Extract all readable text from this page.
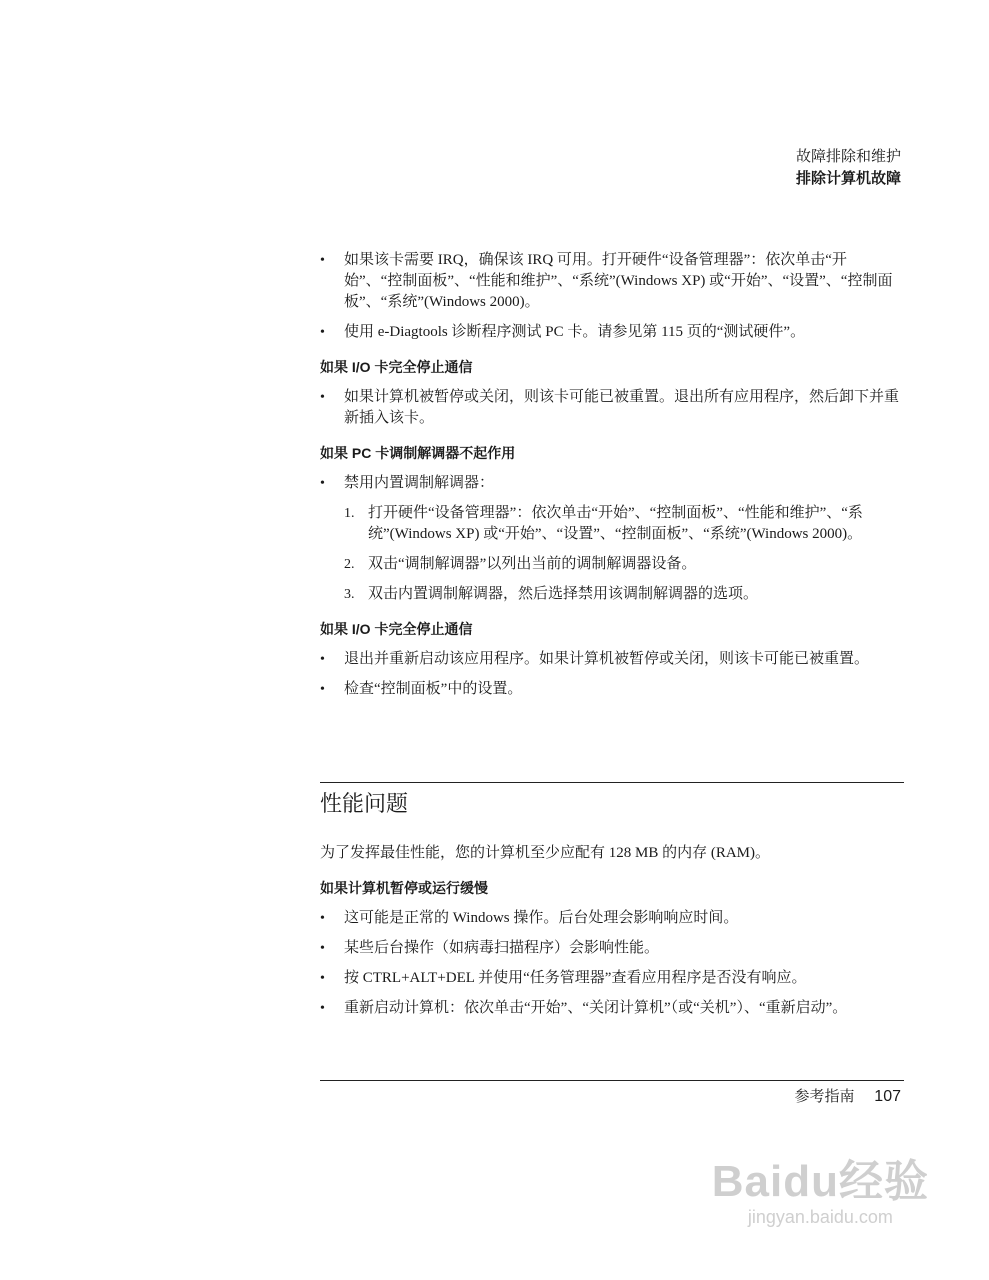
故障排除和维护
排除计算机故障
• 如果该卡需要 IRQ，确保该 IRQ 可用。打开硬件“设备管理器”：依次单击“开始”、“控制面板”、“性能和维护”、“系统”(Windows XP) 或“开始”、“设置”、“控制面板”、“系统”(Windows 2000)。
• 使用 e-Diagtools 诊断程序测试 PC 卡。请参见第 115 页的“测试硬件”。
如果 I/O 卡完全停止通信
• 如果计算机被暂停或关闭，则该卡可能已被重置。退出所有应用程序，然后卸下并重新插入该卡。
如果 PC 卡调制解调器不起作用
• 禁用内置调制解调器：
1. 打开硬件“设备管理器”：依次单击“开始”、“控制面板”、“性能和维护”、“系统”(Windows XP) 或“开始”、“设置”、“控制面板”、“系统”(Windows 2000)。
2. 双击“调制解调器”以列出当前的调制解调器设备。
3. 双击内置调制解调器，然后选择禁用该调制解调器的选项。
如果 I/O 卡完全停止通信
• 退出并重新启动该应用程序。如果计算机被暂停或关闭，则该卡可能已被重置。
• 检查“控制面板”中的设置。
性能问题

为了发挥最佳性能，您的计算机至少应配有 128 MB 的内存 (RAM)。

如果计算机暂停或运行缓慢
• 这可能是正常的 Windows 操作。后台处理会影响响应时间。
• 某些后台操作（如病毒扫描程序）会影响性能。
• 按 CTRL+ALT+DEL 并使用“任务管理器”查看应用程序是否没有响应。
• 重新启动计算机：依次单击“开始”、“关闭计算机”（或“关机”）、“重新启动”。
参考指南 107
Baidu经验
jingyan.baidu.com
